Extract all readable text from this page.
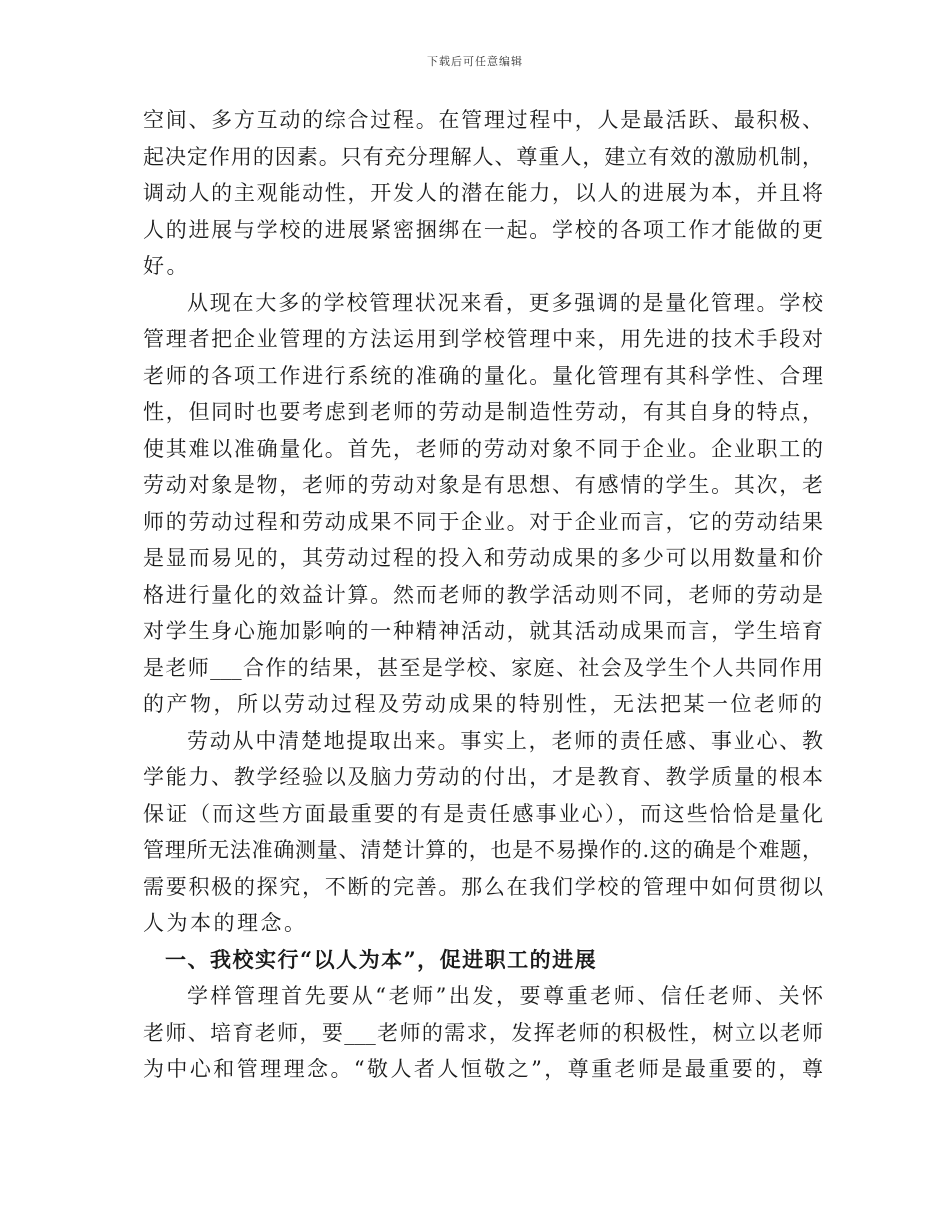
下载后可任意编辑
空间、多方互动的综合过程。在管理过程中，人是最活跃、最积极、
起决定作用的因素。只有充分理解人、尊重人，建立有效的激励机制，
调动人的主观能动性，开发人的潜在能力，以人的进展为本，并且将
人的进展与学校的进展紧密捆绑在一起。学校的各项工作才能做的更
好。
从现在大多的学校管理状况来看，更多强调的是量化管理。学校
管理者把企业管理的方法运用到学校管理中来，用先进的技术手段对
老师的各项工作进行系统的准确的量化。量化管理有其科学性、合理
性，但同时也要考虑到老师的劳动是制造性劳动，有其自身的特点，
使其难以准确量化。首先，老师的劳动对象不同于企业。企业职工的
劳动对象是物，老师的劳动对象是有思想、有感情的学生。其次，老
师的劳动过程和劳动成果不同于企业。对于企业而言，它的劳动结果
是显而易见的，其劳动过程的投入和劳动成果的多少可以用数量和价
格进行量化的效益计算。然而老师的教学活动则不同，老师的劳动是
对学生身心施加影响的一种精神活动，就其活动成果而言，学生培育
是老师___合作的结果，甚至是学校、家庭、社会及学生个人共同作用
的产物，所以劳动过程及劳动成果的特别性，无法把某一位老师的
劳动从中清楚地提取出来。事实上，老师的责任感、事业心、教
学能力、教学经验以及脑力劳动的付出，才是教育、教学质量的根本
保证（而这些方面最重要的有是责任感事业心），而这些恰恰是量化
管理所无法准确测量、清楚计算的，也是不易操作的.这的确是个难题，
需要积极的探究，不断的完善。那么在我们学校的管理中如何贯彻以
人为本的理念。
一、我校实行“以人为本”，促进职工的进展
学样管理首先要从“老师”出发，要尊重老师、信任老师、关怀
老师、培育老师，要___老师的需求，发挥老师的积极性，树立以老师
为中心和管理理念。“敬人者人恒敬之”，尊重老师是最重要的，尊
